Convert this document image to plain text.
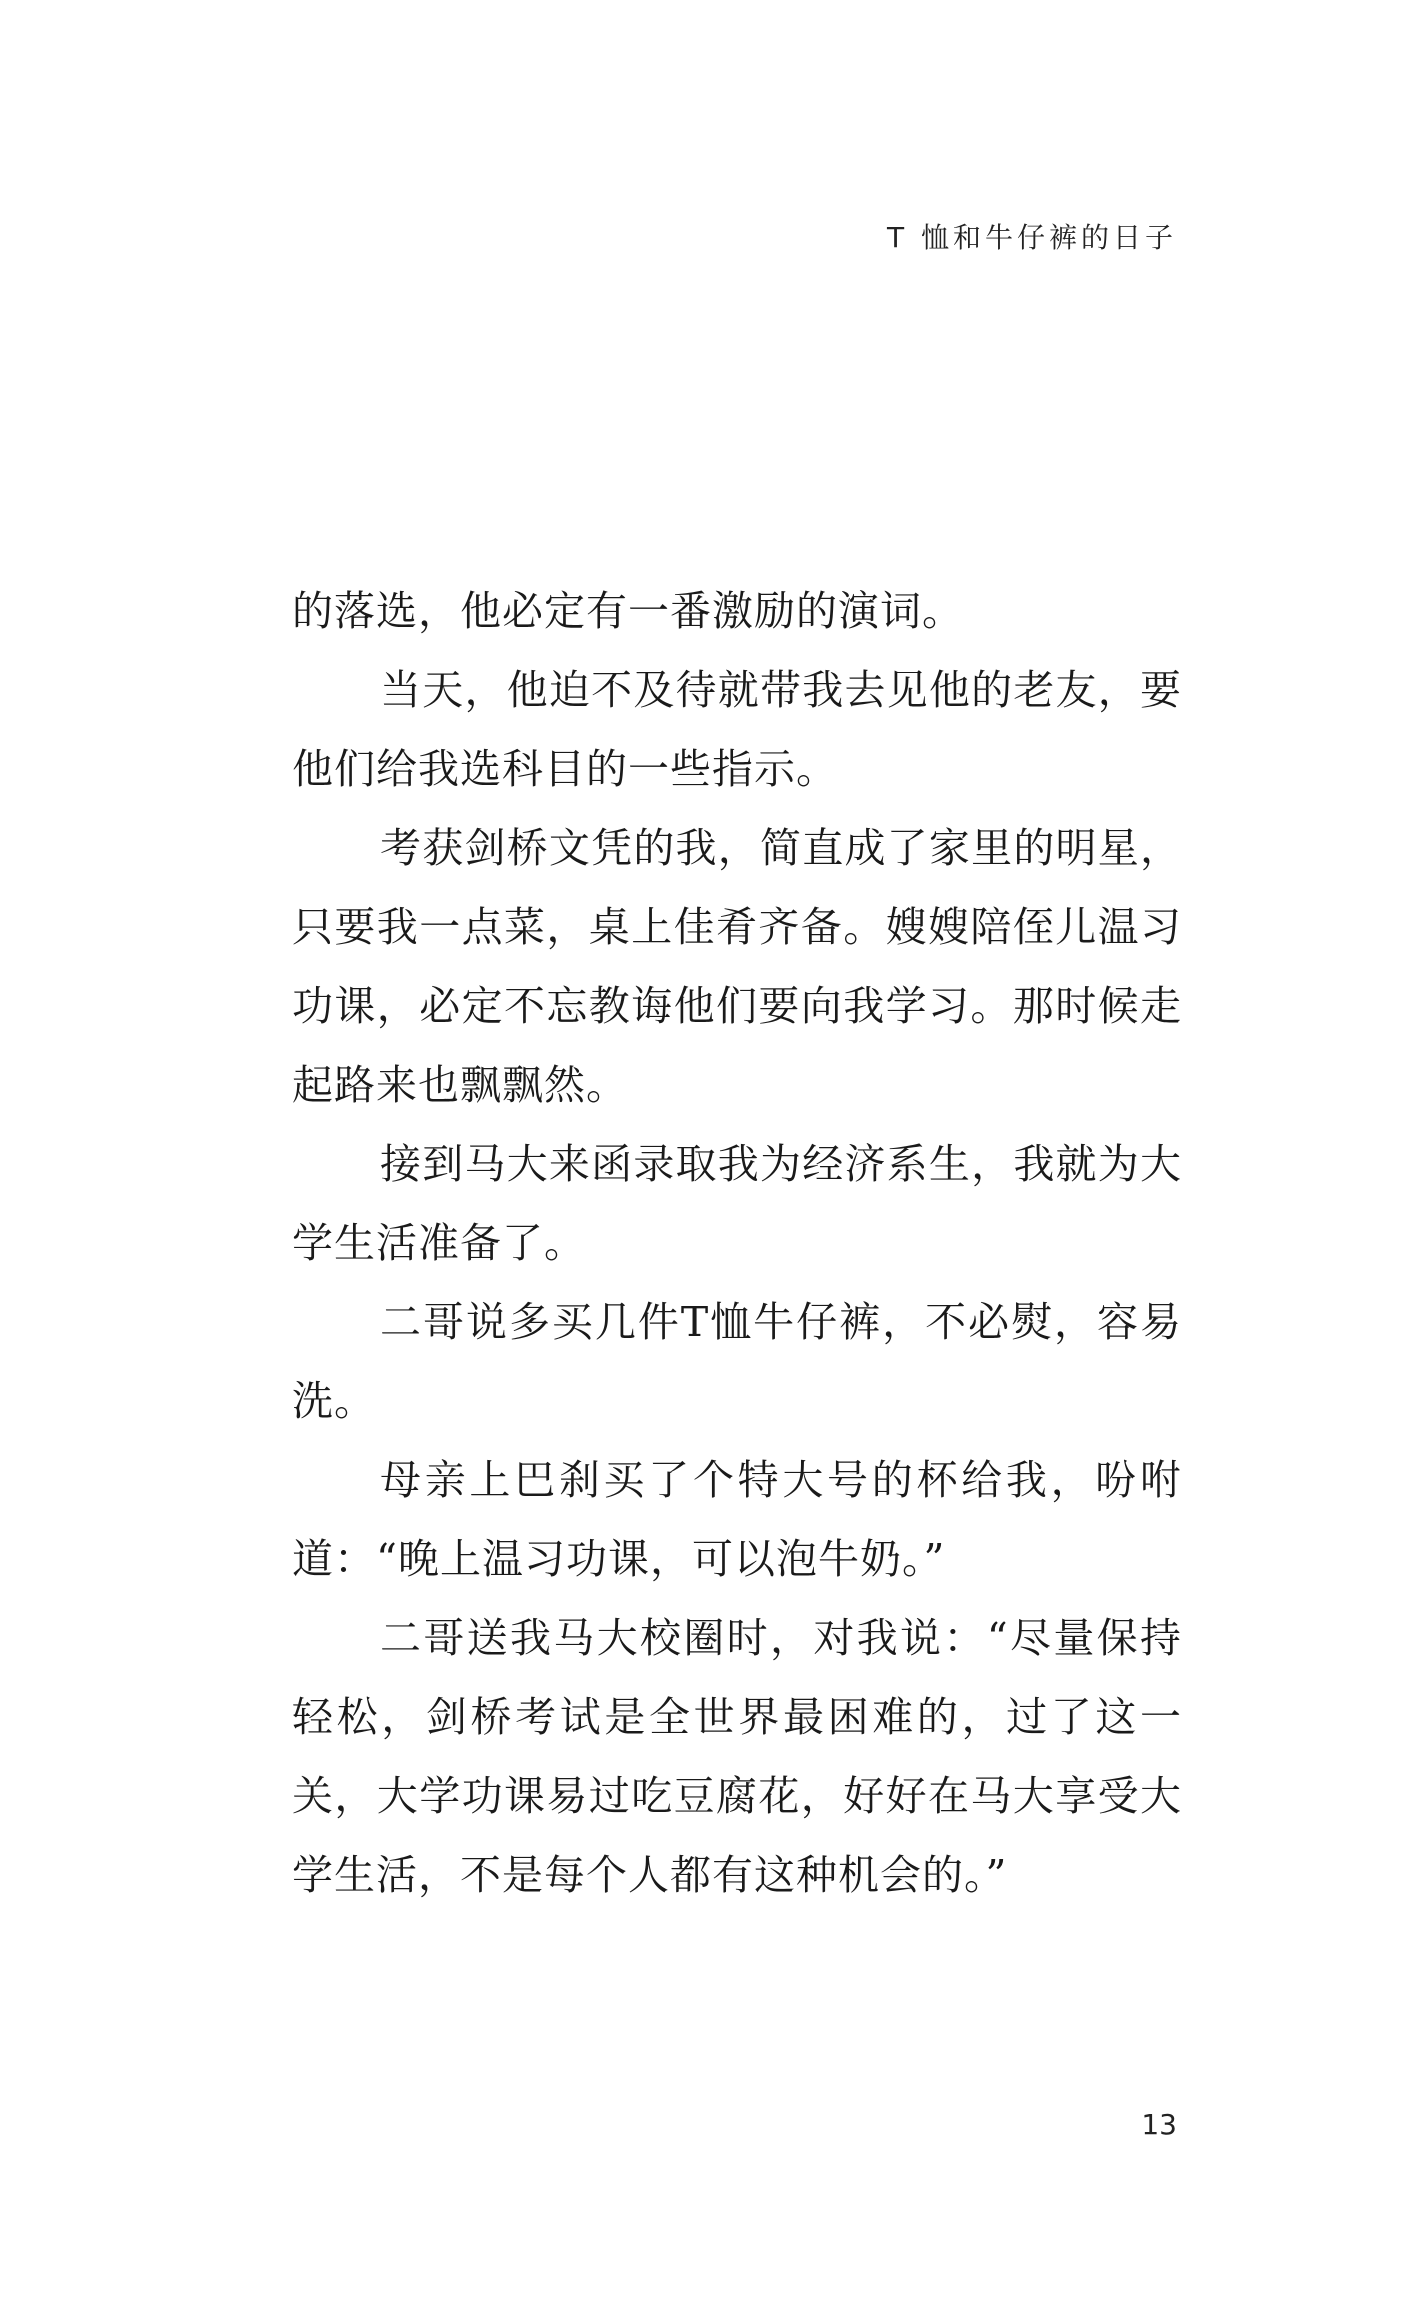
T 恤和牛仔裤的日子

的落选，他必定有一番激励的演词。

当天，他迫不及待就带我去见他的老友，要他们给我选科目的一些指示。

考获剑桥文凭的我，简直成了家里的明星，只要我一点菜，桌上佳肴齐备。嫂嫂陪侄儿温习功课，必定不忘教诲他们要向我学习。那时候走起路来也飘飘然。

接到马大来函录取我为经济系生，我就为大学生活准备了。

二哥说多买几件T恤牛仔裤，不必熨，容易洗。

母亲上巴刹买了个特大号的杯给我，吩咐道：“晚上温习功课，可以泡牛奶。”

二哥送我马大校圈时，对我说：“尽量保持轻松，剑桥考试是全世界最困难的，过了这一关，大学功课易过吃豆腐花，好好在马大享受大学生活，不是每个人都有这种机会的。”

13
